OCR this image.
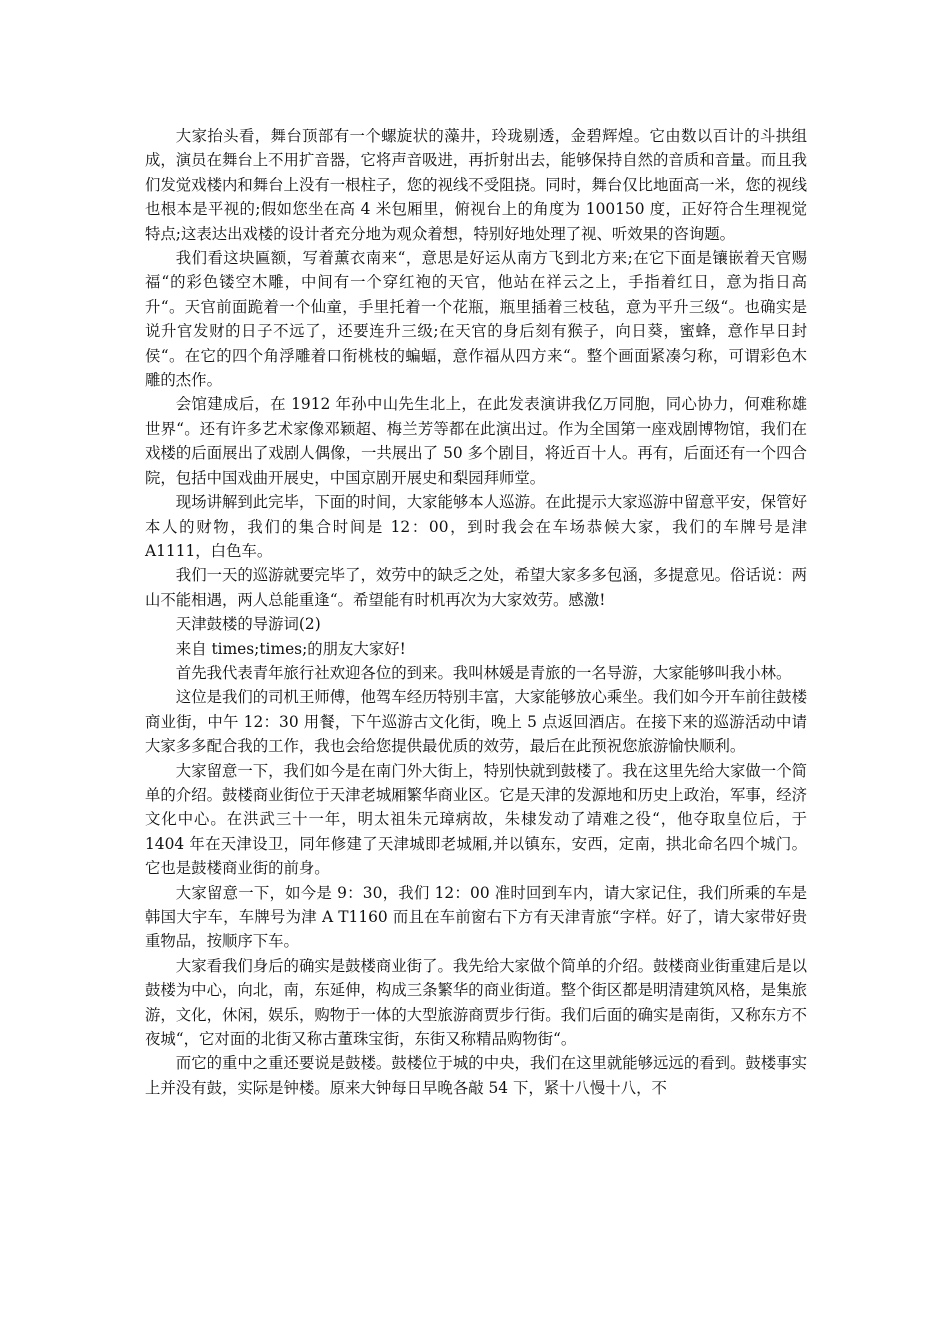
大家抬头看，舞台顶部有一个螺旋状的藻井，玲珑剔透，金碧辉煌。它由数以百计的斗拱组成，演员在舞台上不用扩音器，它将声音吸进，再折射出去，能够保持自然的音质和音量。而且我们发觉戏楼内和舞台上没有一根柱子，您的视线不受阻挠。同时，舞台仅比地面高一米，您的视线也根本是平视的;假如您坐在高 4 米包厢里，俯视台上的角度为 100150 度，正好符合生理视觉特点;这表达出戏楼的设计者充分地为观众着想，特别好地处理了视、听效果的咨询题。

我们看这块匾额，写着薰衣南来“，意思是好运从南方飞到北方来;在它下面是镶嵌着天官赐福“的彩色镂空木雕，中间有一个穿红袍的天官，他站在祥云之上，手指着红日，意为指日高升“。天官前面跪着一个仙童，手里托着一个花瓶，瓶里插着三枝毡，意为平升三级“。也确实是说升官发财的日子不远了，还要连升三级;在天官的身后刻有猴子，向日葵，蜜蜂，意作早日封侯“。在它的四个角浮雕着口衔桃枝的蝙蝠，意作福从四方来“。整个画面紧凑匀称，可谓彩色木雕的杰作。

会馆建成后，在 1912 年孙中山先生北上，在此发表演讲我亿万同胞，同心协力，何难称雄世界“。还有许多艺术家像邓颖超、梅兰芳等都在此演出过。作为全国第一座戏剧博物馆，我们在戏楼的后面展出了戏剧人偶像，一共展出了 50 多个剧目，将近百十人。再有，后面还有一个四合院，包括中国戏曲开展史，中国京剧开展史和梨园拜师堂。

现场讲解到此完毕，下面的时间，大家能够本人巡游。在此提示大家巡游中留意平安，保管好本人的财物，我们的集合时间是 12：00，到时我会在车场恭候大家，我们的车牌号是津 A1111，白色车。

我们一天的巡游就要完毕了，效劳中的缺乏之处，希望大家多多包涵，多提意见。俗话说：两山不能相遇，两人总能重逢“。希望能有时机再次为大家效劳。感激!

天津鼓楼的导游词(2)

来自 times;times;的朋友大家好!

首先我代表青年旅行社欢迎各位的到来。我叫林媛是青旅的一名导游，大家能够叫我小林。

这位是我们的司机王师傅，他驾车经历特别丰富，大家能够放心乘坐。我们如今开车前往鼓楼商业街，中午 12：30 用餐，下午巡游古文化街，晚上 5 点返回酒店。在接下来的巡游活动中请大家多多配合我的工作，我也会给您提供最优质的效劳，最后在此预祝您旅游愉快顺利。

大家留意一下，我们如今是在南门外大街上，特别快就到鼓楼了。我在这里先给大家做一个简单的介绍。鼓楼商业街位于天津老城厢繁华商业区。它是天津的发源地和历史上政治，军事，经济文化中心。在洪武三十一年，明太祖朱元璋病故，朱棣发动了靖难之役“，他夺取皇位后，于 1404 年在天津设卫，同年修建了天津城即老城厢,并以镇东，安西，定南，拱北命名四个城门。它也是鼓楼商业街的前身。

大家留意一下，如今是 9：30，我们 12：00 准时回到车内，请大家记住，我们所乘的车是韩国大宇车，车牌号为津 A T1160 而且在车前窗右下方有天津青旅“字样。好了，请大家带好贵重物品，按顺序下车。

大家看我们身后的确实是鼓楼商业街了。我先给大家做个简单的介绍。鼓楼商业街重建后是以鼓楼为中心，向北，南，东延伸，构成三条繁华的商业街道。整个街区都是明清建筑风格，是集旅游，文化，休闲，娱乐，购物于一体的大型旅游商贾步行街。我们后面的确实是南街，又称东方不夜城“，它对面的北街又称古董珠宝街，东街又称精品购物街“。

而它的重中之重还要说是鼓楼。鼓楼位于城的中央，我们在这里就能够远远的看到。鼓楼事实上并没有鼓，实际是钟楼。原来大钟每日早晚各敲 54 下，紧十八慢十八，不
